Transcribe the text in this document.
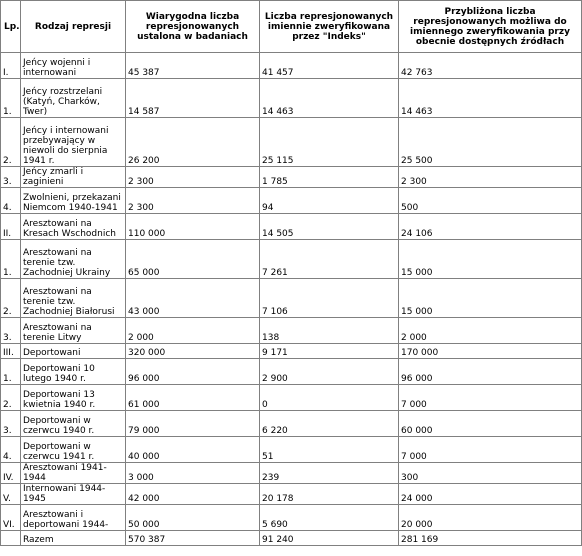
Lp.	Rodzaj represji	Wiarygodna liczba represjonowanych ustalona w badaniach	Liczba represjonowanych imiennie zweryfikowana przez "Indeks"	Przybliżona liczba represjonowanych możliwa do imiennego zweryfikowania przy obecnie dostępnych źródłach
I.	Jeńcy wojenni i internowani	45 387	41 457	42 763
1.	Jeńcy rozstrzelani (Katyń, Charków, Twer)	14 587	14 463	14 463
2.	Jeńcy i internowani przebywający w niewoli do sierpnia 1941 r.	26 200	25 115	25 500
3.	Jeńcy zmarli i zaginieni	2 300	1 785	2 300
4.	Zwolnieni, przekazani Niemcom 1940-1941	2 300	94	500
II.	Aresztowani na Kresach Wschodnich	110 000	14 505	24 106
1.	Aresztowani na terenie tzw. Zachodniej Ukrainy	65 000	7 261	15 000
2.	Aresztowani na terenie tzw. Zachodniej Białorusi	43 000	7 106	15 000
3.	Aresztowani na terenie Litwy	2 000	138	2 000
III.	Deportowani	320 000	9 171	170 000
1.	Deportowani 10 lutego 1940 r.	96 000	2 900	96 000
2.	Deportowani 13 kwietnia 1940 r.	61 000	0	7 000
3.	Deportowani w czerwcu 1940 r.	79 000	6 220	60 000
4.	Deportowani w czerwcu 1941 r.	40 000	51	7 000
IV.	Aresztowani 1941-1944	3 000	239	300
V.	Internowani 1944-1945	42 000	20 178	24 000
VI.	Aresztowani i deportowani 1944-	50 000	5 690	20 000
	Razem	570 387	91 240	281 169
